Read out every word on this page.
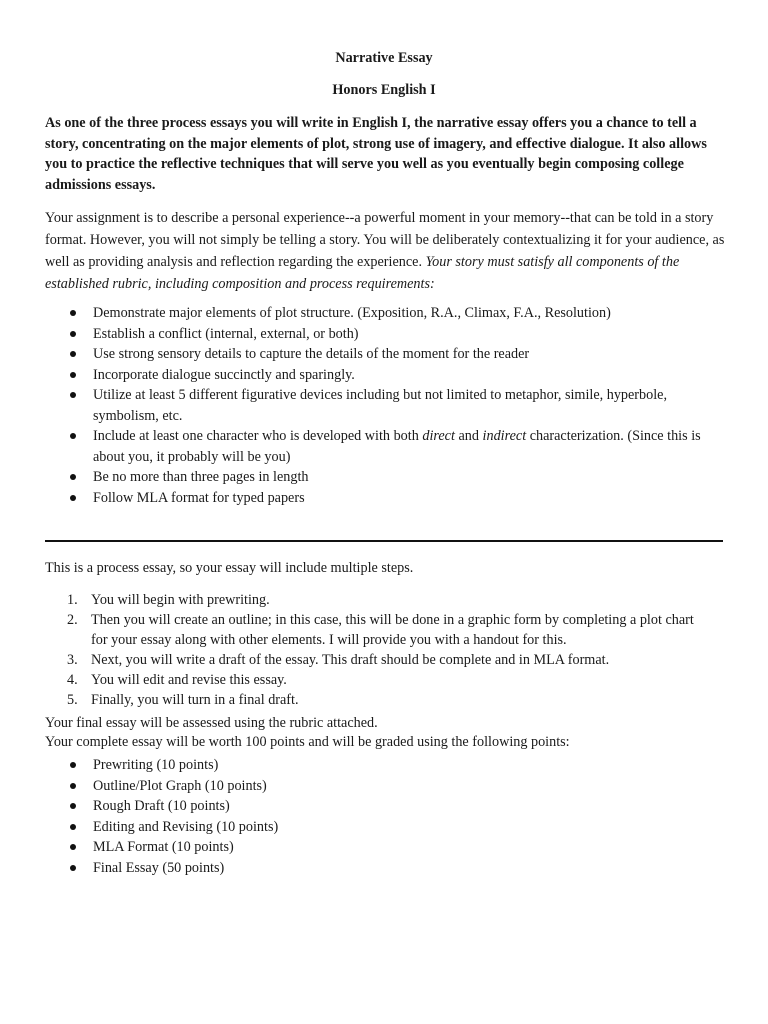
Narrative Essay
Honors English I

As one of the three process essays you will write in English I, the narrative essay offers you a chance to tell a story, concentrating on the major elements of plot, strong use of imagery, and effective dialogue. It also allows you to practice the reflective techniques that will serve you well as you eventually begin composing college admissions essays.

Your assignment is to describe a personal experience--a powerful moment in your memory--that can be told in a story format. However, you will not simply be telling a story. You will be deliberately contextualizing it for your audience, as well as providing analysis and reflection regarding the experience. Your story must satisfy all components of the established rubric, including composition and process requirements:

Demonstrate major elements of plot structure. (Exposition, R.A., Climax, F.A., Resolution)
Establish a conflict (internal, external, or both)
Use strong sensory details to capture the details of the moment for the reader
Incorporate dialogue succinctly and sparingly.
Utilize at least 5 different figurative devices including but not limited to metaphor, simile, hyperbole, symbolism, etc.
Include at least one character who is developed with both direct and indirect characterization. (Since this is about you, it probably will be you)
Be no more than three pages in length
Follow MLA format for typed papers

This is a process essay, so your essay will include multiple steps.

1. You will begin with prewriting.
2. Then you will create an outline; in this case, this will be done in a graphic form by completing a plot chart for your essay along with other elements. I will provide you with a handout for this.
3. Next, you will write a draft of the essay. This draft should be complete and in MLA format.
4. You will edit and revise this essay.
5. Finally, you will turn in a final draft.

Your final essay will be assessed using the rubric attached.
Your complete essay will be worth 100 points and will be graded using the following points:

Prewriting (10 points)
Outline/Plot Graph (10 points)
Rough Draft (10 points)
Editing and Revising (10 points)
MLA Format (10 points)
Final Essay (50 points)
